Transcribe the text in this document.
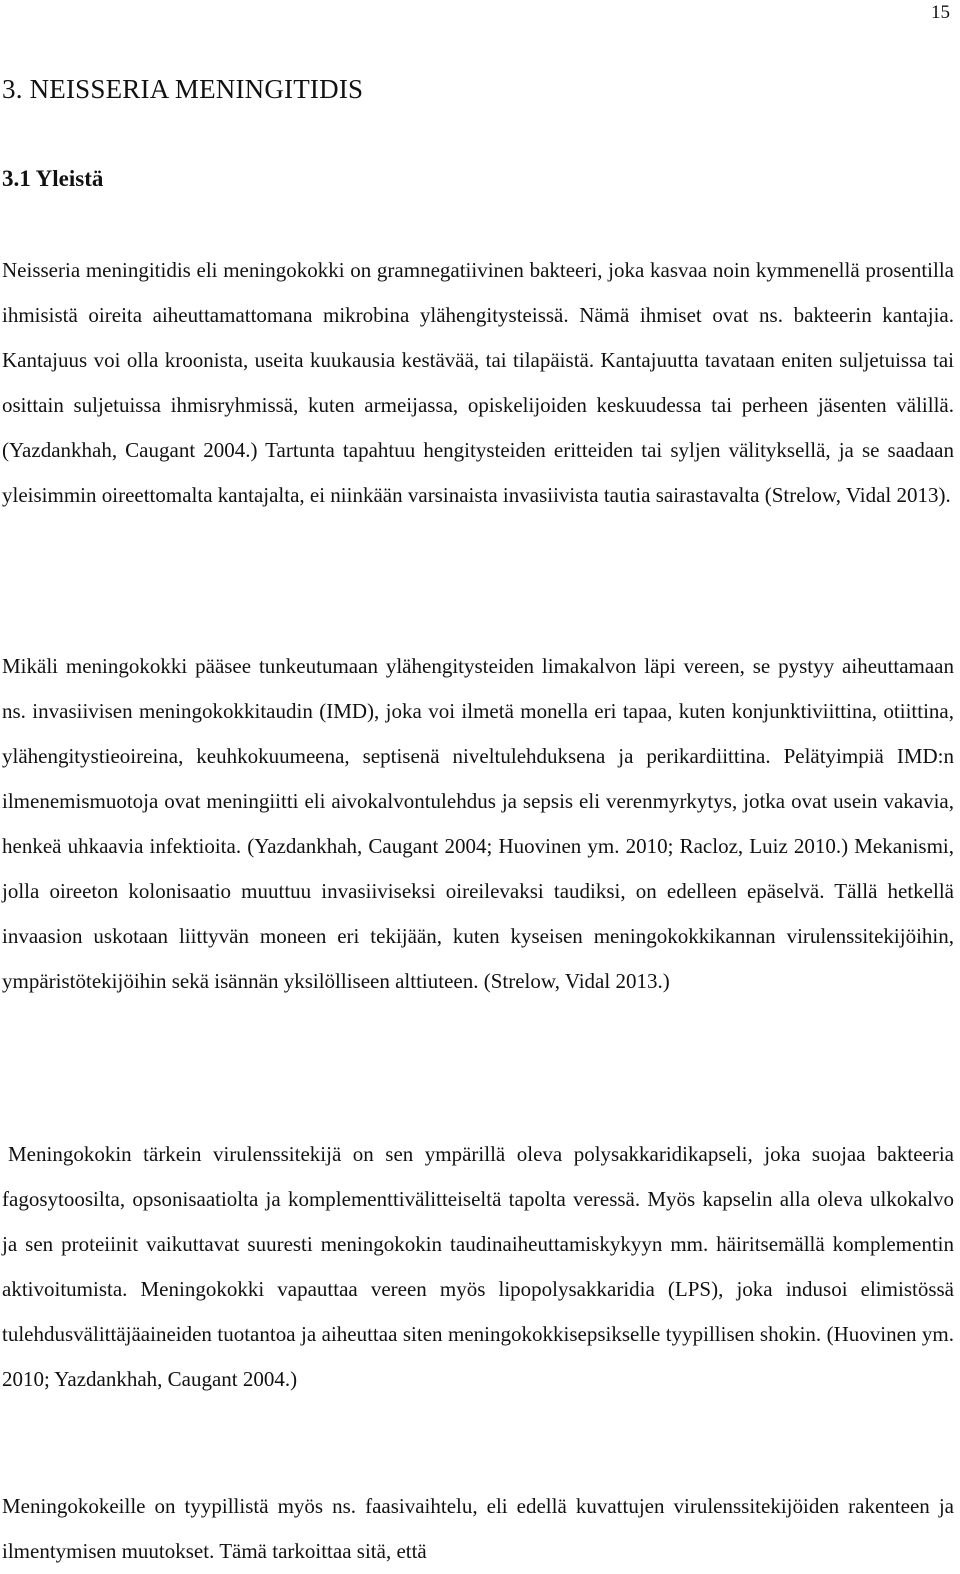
15
3. NEISSERIA MENINGITIDIS
3.1 Yleistä

Neisseria meningitidis eli meningokokki on gramnegatiivinen bakteeri, joka kasvaa noin kymmenellä prosentilla ihmisistä oireita aiheuttamattomana mikrobina ylähengitysteissä. Nämä ihmiset ovat ns. bakteerin kantajia. Kantajuus voi olla kroonista, useita kuukausia kestävää, tai tilapäistä. Kantajuutta tavataan eniten suljetuissa tai osittain suljetuissa ihmisryhmissä, kuten armeijassa, opiskelijoiden keskuudessa tai perheen jäsenten välillä. (Yazdankhah, Caugant 2004.) Tartunta tapahtuu hengitysteiden eritteiden tai syljen välityksellä, ja se saadaan yleisimmin oireettomalta kantajalta, ei niinkään varsinaista invasiivista tautia sairastavalta (Strelow, Vidal 2013).

Mikäli meningokokki pääsee tunkeutumaan ylähengitysteiden limakalvon läpi vereen, se pystyy aiheuttamaan ns. invasiivisen meningokokkitaudin (IMD), joka voi ilmetä monella eri tapaa, kuten konjunktiviittina, otiittina, ylähengitystieoireina, keuhkokuumeena, septisenä niveltulehduksena ja perikardiittina. Pelätyimpiä IMD:n ilmenemismuotoja ovat meningiitti eli aivokalvontulehdus ja sepsis eli verenmyrkytys, jotka ovat usein vakavia, henkeä uhkaavia infektioita. (Yazdankhah, Caugant 2004; Huovinen ym. 2010; Racloz, Luiz 2010.) Mekanismi, jolla oireeton kolonisaatio muuttuu invasiiviseksi oireilevaksi taudiksi, on edelleen epäselvä. Tällä hetkellä invaasion uskotaan liittyvän moneen eri tekijään, kuten kyseisen meningokokkikannan virulenssitekijöihin, ympäristötekijöihin sekä isännän yksilölliseen alttiuteen. (Strelow, Vidal 2013.)

Meningokokin tärkein virulenssitekijä on sen ympärillä oleva polysakkaridikapseli, joka suojaa bakteeria fagosytoosilta, opsonisaatiolta ja komplementtivälitteiseltä tapolta veressä. Myös kapselin alla oleva ulkokalvo ja sen proteiinit vaikuttavat suuresti meningokokin taudinaiheuttamiskykyyn mm. häiritsemällä komplementin aktivoitumista. Meningokokki vapauttaa vereen myös lipopolysakkaridia (LPS), joka indusoi elimistössä tulehdusvälittäjäaineiden tuotantoa ja aiheuttaa siten meningokokkisepsikselle tyypillisen shokin. (Huovinen ym. 2010; Yazdankhah, Caugant 2004.)

Meningokokeille on tyypillistä myös ns. faasivaihtelu, eli edellä kuvattujen virulenssitekijöiden rakenteen ja ilmentymisen muutokset. Tämä tarkoittaa sitä, että
